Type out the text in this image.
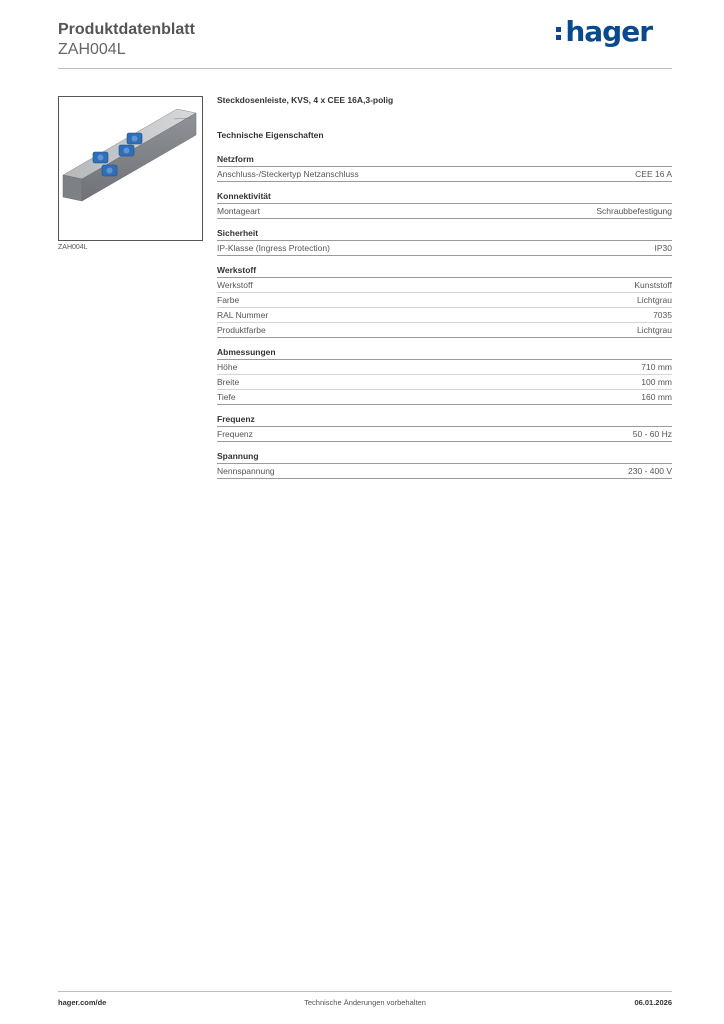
Produktdatenblatt
ZAH004L
hager
ZAH004L
Steckdosenleiste, KVS, 4 x CEE 16A,3-polig
Technische Eigenschaften
Netzform
Anschluss-/Steckertyp Netzanschluss	CEE 16 A
Konnektivität
Montageart	Schraubbefestigung
Sicherheit
IP-Klasse (Ingress Protection)	IP30
Werkstoff
Werkstoff	Kunststoff
Farbe	Lichtgrau
RAL Nummer	7035
Produktfarbe	Lichtgrau
Abmessungen
Höhe	710 mm
Breite	100 mm
Tiefe	160 mm
Frequenz
Frequenz	50 - 60 Hz
Spannung
Nennspannung	230 - 400 V
hager.com/de	Technische Änderungen vorbehalten	06.01.2026
